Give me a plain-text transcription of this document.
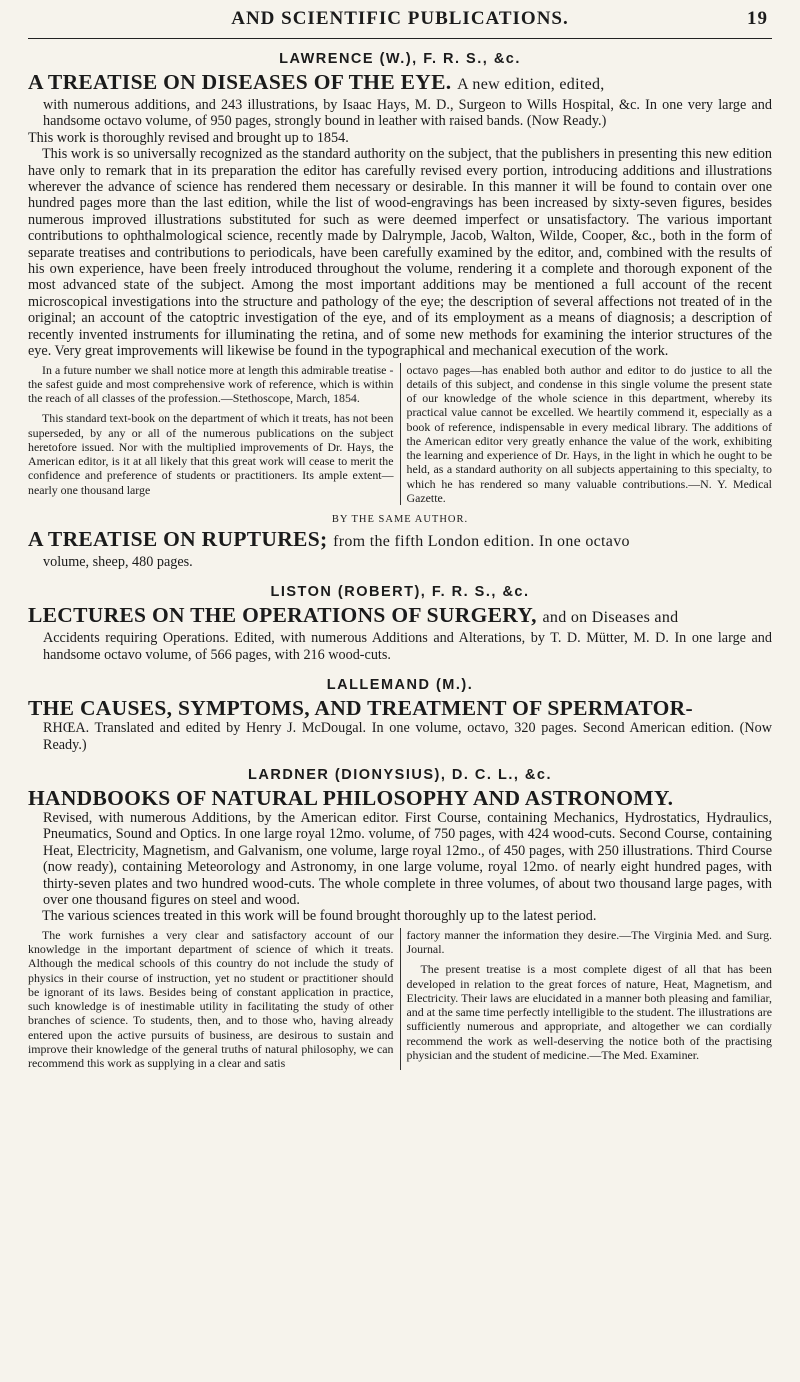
AND SCIENTIFIC PUBLICATIONS.	19
LAWRENCE (W.), F. R. S., &c.
A TREATISE ON DISEASES OF THE EYE. A new edition, edited,
with numerous additions, and 243 illustrations, by Isaac Hays, M. D., Surgeon to Wills Hospital, &c. In one very large and handsome octavo volume, of 950 pages, strongly bound in leather with raised bands. (Now Ready.)
This work is thoroughly revised and brought up to 1854.
This work is so universally recognized as the standard authority on the subject, that the publishers in presenting this new edition have only to remark that in its preparation the editor has carefully revised every portion, introducing additions and illustrations wherever the advance of science has rendered them necessary or desirable. In this manner it will be found to contain over one hundred pages more than the last edition, while the list of wood-engravings has been increased by sixty-seven figures, besides numerous improved illustrations substituted for such as were deemed imperfect or unsatisfactory. The various important contributions to ophthalmological science, recently made by Dalrymple, Jacob, Walton, Wilde, Cooper, &c., both in the form of separate treatises and contributions to periodicals, have been carefully examined by the editor, and, combined with the results of his own experience, have been freely introduced throughout the volume, rendering it a complete and thorough exponent of the most advanced state of the subject. Among the most important additions may be mentioned a full account of the recent microscopical investigations into the structure and pathology of the eye; the description of several affections not treated of in the original; an account of the catoptric investigation of the eye, and of its employment as a means of diagnosis; a description of recently invented instruments for illuminating the retina, and of some new methods for examining the interior structures of the eye. Very great improvements will likewise be found in the typographical and mechanical execution of the work.

In a future number we shall notice more at length this admirable treatise - the safest guide and most comprehensive work of reference, which is within the reach of all classes of the profession.—Stethoscope, March, 1854.

This standard text-book on the department of which it treats, has not been superseded, by any or all of the numerous publications on the subject heretofore issued. Nor with the multiplied improvements of Dr. Hays, the American editor, is it at all likely that this great work will cease to merit the confidence and preference of students or practitioners. Its ample extent—nearly one thousand large

octavo pages—has enabled both author and editor to do justice to all the details of this subject, and condense in this single volume the present state of our knowledge of the whole science in this department, whereby its practical value cannot be excelled. We heartily commend it, especially as a book of reference, indispensable in every medical library. The additions of the American editor very greatly enhance the value of the work, exhibiting the learning and experience of Dr. Hays, in the light in which he ought to be held, as a standard authority on all subjects appertaining to this specialty, to which he has rendered so many valuable contributions.—N. Y. Medical Gazette.

BY THE SAME AUTHOR.
A TREATISE ON RUPTURES; from the fifth London edition. In one octavo
volume, sheep, 480 pages.
LISTON (ROBERT), F. R. S., &c.
LECTURES ON THE OPERATIONS OF SURGERY, and on Diseases and
Accidents requiring Operations. Edited, with numerous Additions and Alterations, by T. D. Mütter, M. D. In one large and handsome octavo volume, of 566 pages, with 216 wood-cuts.
LALLEMAND (M.).
THE CAUSES, SYMPTOMS, AND TREATMENT OF SPERMATOR-
RHŒA. Translated and edited by Henry J. McDougal. In one volume, octavo, 320 pages. Second American edition. (Now Ready.)
LARDNER (DIONYSIUS), D. C. L., &c.
HANDBOOKS OF NATURAL PHILOSOPHY AND ASTRONOMY.
Revised, with numerous Additions, by the American editor. First Course, containing Mechanics, Hydrostatics, Hydraulics, Pneumatics, Sound and Optics. In one large royal 12mo. volume, of 750 pages, with 424 wood-cuts. Second Course, containing Heat, Electricity, Magnetism, and Galvanism, one volume, large royal 12mo., of 450 pages, with 250 illustrations. Third Course (now ready), containing Meteorology and Astronomy, in one large volume, royal 12mo. of nearly eight hundred pages, with thirty-seven plates and two hundred wood-cuts. The whole complete in three volumes, of about two thousand large pages, with over one thousand figures on steel and wood.
The various sciences treated in this work will be found brought thoroughly up to the latest period.

The work furnishes a very clear and satisfactory account of our knowledge in the important department of science of which it treats. Although the medical schools of this country do not include the study of physics in their course of instruction, yet no student or practitioner should be ignorant of its laws. Besides being of constant application in practice, such knowledge is of inestimable utility in facilitating the study of other branches of science. To students, then, and to those who, having already entered upon the active pursuits of business, are desirous to sustain and improve their knowledge of the general truths of natural philosophy, we can recommend this work as supplying in a clear and satis

factory manner the information they desire.—The Virginia Med. and Surg. Journal.

The present treatise is a most complete digest of all that has been developed in relation to the great forces of nature, Heat, Magnetism, and Electricity. Their laws are elucidated in a manner both pleasing and familiar, and at the same time perfectly intelligible to the student. The illustrations are sufficiently numerous and appropriate, and altogether we can cordially recommend the work as well-deserving the notice both of the practising physician and the student of medicine.—The Med. Examiner.
